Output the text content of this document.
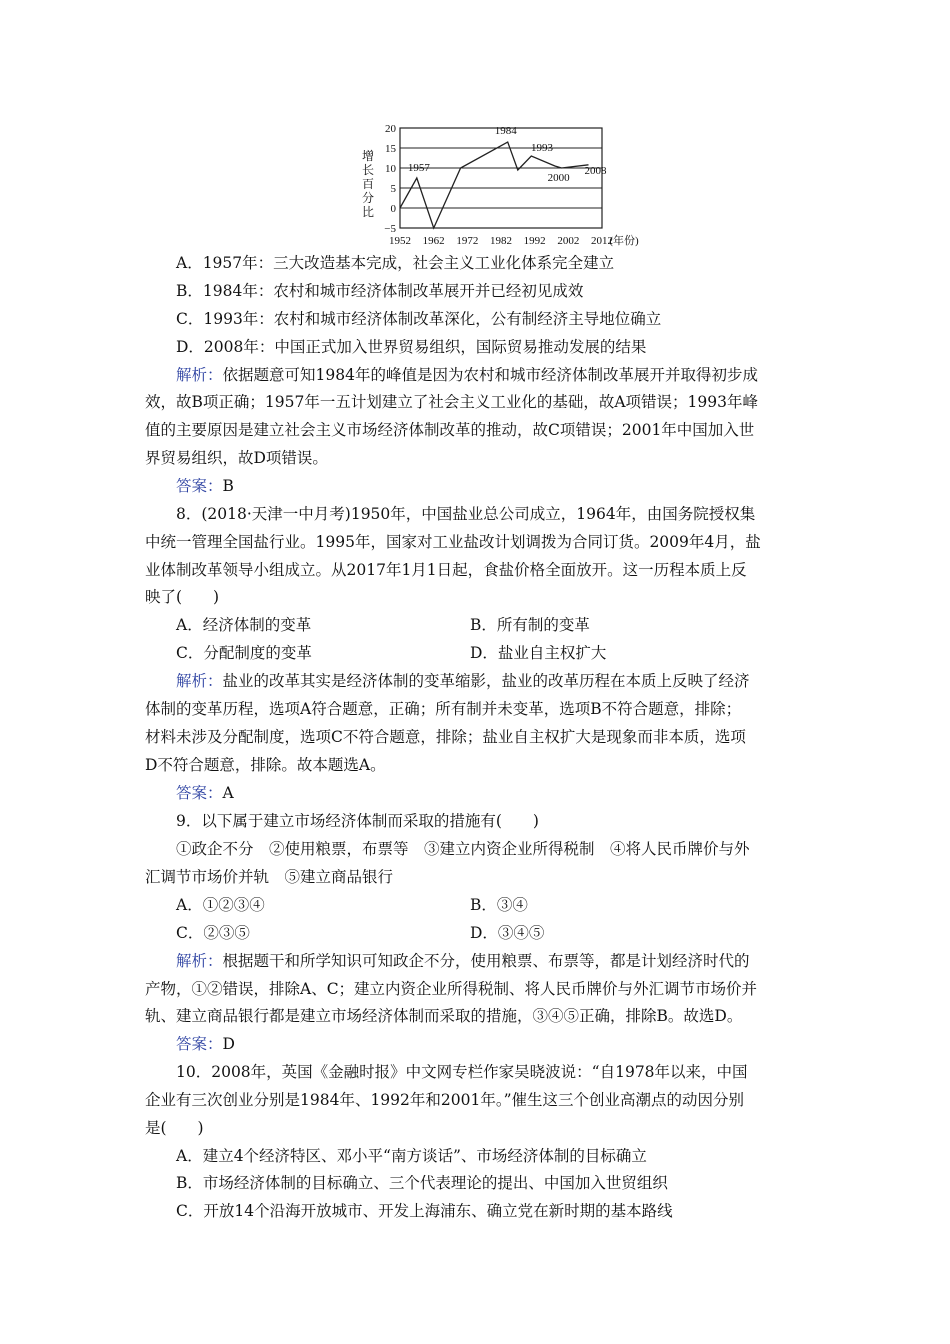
增
长
百
分
比
20
15
10
5
0
−5
1952 1962 1972 1982 1992 2002 2012
(年份)
1957
1984
1993
2000
2008
A．1957年：三大改造基本完成，社会主义工业化体系完全建立
B．1984年：农村和城市经济体制改革展开并已经初见成效
C．1993年：农村和城市经济体制改革深化，公有制经济主导地位确立
D．2008年：中国正式加入世界贸易组织，国际贸易推动发展的结果
解析：依据题意可知1984年的峰值是因为农村和城市经济体制改革展开并取得初步成
效，故B项正确；1957年一五计划建立了社会主义工业化的基础，故A项错误；1993年峰
值的主要原因是建立社会主义市场经济体制改革的推动，故C项错误；2001年中国加入世
界贸易组织，故D项错误。
答案：B
8．(2018·天津一中月考)1950年，中国盐业总公司成立，1964年，由国务院授权集
中统一管理全国盐行业。1995年，国家对工业盐改计划调拨为合同订货。2009年4月，盐
业体制改革领导小组成立。从2017年1月1日起，食盐价格全面放开。这一历程本质上反
映了(　　)
A．经济体制的变革	B．所有制的变革
C．分配制度的变革	D．盐业自主权扩大
解析：盐业的改革其实是经济体制的变革缩影，盐业的改革历程在本质上反映了经济
体制的变革历程，选项A符合题意，正确；所有制并未变革，选项B不符合题意，排除；
材料未涉及分配制度，选项C不符合题意，排除；盐业自主权扩大是现象而非本质，选项
D不符合题意，排除。故本题选A。
答案：A
9．以下属于建立市场经济体制而采取的措施有(　　)
①政企不分　②使用粮票，布票等　③建立内资企业所得税制　④将人民币牌价与外
汇调节市场价并轨　⑤建立商品银行
A．①②③④	B．③④
C．②③⑤	D．③④⑤
解析：根据题干和所学知识可知政企不分，使用粮票、布票等，都是计划经济时代的
产物，①②错误，排除A、C；建立内资企业所得税制、将人民币牌价与外汇调节市场价并
轨、建立商品银行都是建立市场经济体制而采取的措施，③④⑤正确，排除B。故选D。
答案：D
10．2008年，英国《金融时报》中文网专栏作家吴晓波说：“自1978年以来，中国
企业有三次创业分别是1984年、1992年和2001年。”催生这三个创业高潮点的动因分别
是(　　)
A．建立4个经济特区、邓小平“南方谈话”、市场经济体制的目标确立
B．市场经济体制的目标确立、三个代表理论的提出、中国加入世贸组织
C．开放14个沿海开放城市、开发上海浦东、确立党在新时期的基本路线
